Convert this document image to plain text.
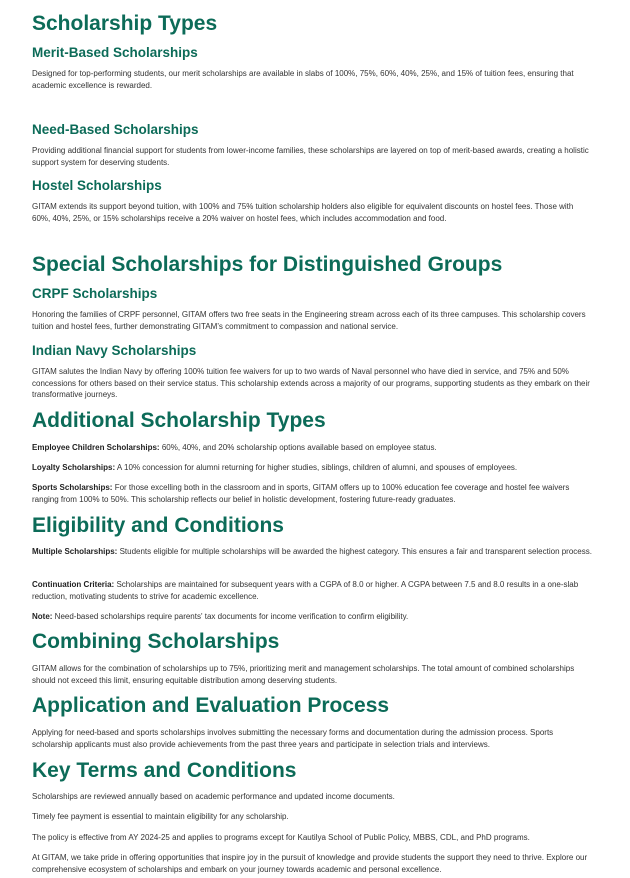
Scholarship Types
Merit-Based Scholarships

Designed for top-performing students, our merit scholarships are available in slabs of 100%, 75%, 60%, 40%, 25%, and 15% of tuition fees, ensuring that academic excellence is rewarded.

Need-Based Scholarships

Providing additional financial support for students from lower-income families, these scholarships are layered on top of merit-based awards, creating a holistic support system for deserving students.

Hostel Scholarships

GITAM extends its support beyond tuition, with 100% and 75% tuition scholarship holders also eligible for equivalent discounts on hostel fees. Those with 60%, 40%, 25%, or 15% scholarships receive a 20% waiver on hostel fees, which includes accommodation and food.

Special Scholarships for Distinguished Groups
CRPF Scholarships

Honoring the families of CRPF personnel, GITAM offers two free seats in the Engineering stream across each of its three campuses. This scholarship covers tuition and hostel fees, further demonstrating GITAM’s commitment to compassion and national service.

Indian Navy Scholarships

GITAM salutes the Indian Navy by offering 100% tuition fee waivers for up to two wards of Naval personnel who have died in service, and 75% and 50% concessions for others based on their service status. This scholarship extends across a majority of our programs, supporting students as they embark on their transformative journeys.

Additional Scholarship Types

Employee Children Scholarships: 60%, 40%, and 20% scholarship options available based on employee status.

Loyalty Scholarships: A 10% concession for alumni returning for higher studies, siblings, children of alumni, and spouses of employees.

Sports Scholarships: For those excelling both in the classroom and in sports, GITAM offers up to 100% education fee coverage and hostel fee waivers ranging from 100% to 50%. This scholarship reflects our belief in holistic development, fostering future-ready graduates.

Eligibility and Conditions

Multiple Scholarships: Students eligible for multiple scholarships will be awarded the highest category. This ensures a fair and transparent selection process.

Continuation Criteria: Scholarships are maintained for subsequent years with a CGPA of 8.0 or higher. A CGPA between 7.5 and 8.0 results in a one-slab reduction, motivating students to strive for academic excellence.

Note: Need-based scholarships require parents' tax documents for income verification to confirm eligibility.

Combining Scholarships

GITAM allows for the combination of scholarships up to 75%, prioritizing merit and management scholarships. The total amount of combined scholarships should not exceed this limit, ensuring equitable distribution among deserving students.

Application and Evaluation Process

Applying for need-based and sports scholarships involves submitting the necessary forms and documentation during the admission process. Sports scholarship applicants must also provide achievements from the past three years and participate in selection trials and interviews.

Key Terms and Conditions

Scholarships are reviewed annually based on academic performance and updated income documents.

Timely fee payment is essential to maintain eligibility for any scholarship.

The policy is effective from AY 2024-25 and applies to programs except for Kautilya School of Public Policy, MBBS, CDL, and PhD programs.

At GITAM, we take pride in offering opportunities that inspire joy in the pursuit of knowledge and provide students the support they need to thrive. Explore our comprehensive ecosystem of scholarships and embark on your journey towards academic and personal excellence.
